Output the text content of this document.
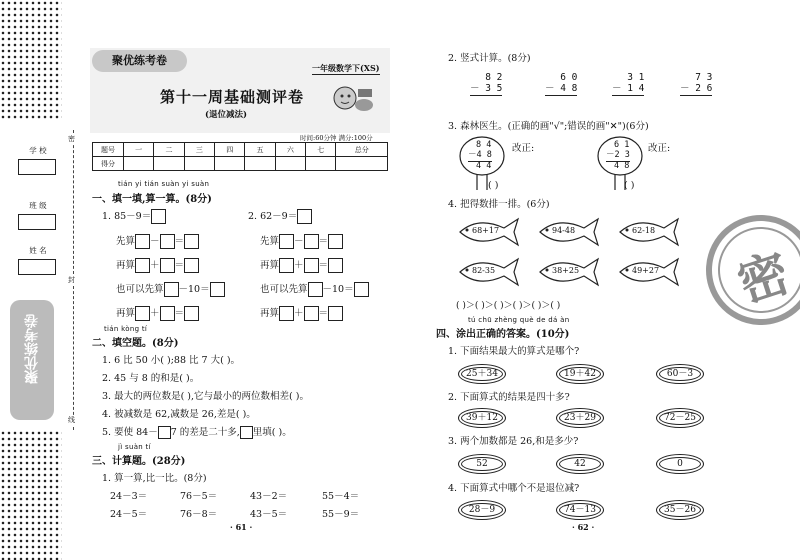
学 校
班 级
姓 名
聚优练考卷
密
封
线
聚优练考卷
一年级数学下(XS)
第十一周基础测评卷
(退位减法)
时间:60分钟 满分:100分
题号	一	二	三	四	五	六	七	总分
得分								
tián yi tián suàn yi suàn
一、填一填,算一算。(8分)
1. 85－9＝	2. 62－9＝
先算 － ＝
再算 ＋ ＝
也可以先算 －10＝
再算 ＋ ＝
先算 － ＝
再算 ＋ ＝
也可以先算 －10＝
再算 ＋ ＝
tián kòng tí
二、填空题。(8分)
1. 6 比 50 小( );88 比 7 大( )。
2. 45 与 8 的和是( )。
3. 最大的两位数是( ),它与最小的两位数相差( )。
4. 被减数是 62,减数是 26,差是( )。
5. 要使 84－ 7 的差是二十多, 里填( )。
jì suàn tí
三、计算题。(28分)
1. 算一算,比一比。(8分)
24－3＝	76－5＝	43－2＝	55－4＝
24－5＝	76－8＝	43－5＝	55－9＝
· 61 ·
2. 竖式计算。(8分)
8 2
－ 3 5
6 0
－ 4 8
3 1
－ 1 4
7 3
－ 2 6
3. 森林医生。(正确的画"√";错误的画"✕")(6分)
8 4
－4 8
4 4
改正:
( )
6 1
－2 3
4 8
改正:
( )
4. 把得数排一排。(6分)
68+17	94-48	62-18
82-35	38+25	49+27
( )＞( )＞( )＞( )＞( )＞( )
tú chū zhèng què de dá àn
四、涂出正确的答案。(10分)
1. 下面结果最大的算式是哪个?
25＋34	19＋42	60－3
2. 下面算式的结果是四十多?
39＋12	23＋29	72－25
3. 两个加数都是 26,和是多少?
52	42	0
4. 下面算式中哪个不是退位减?
28－9	74－13	35－26
· 62 ·
密
